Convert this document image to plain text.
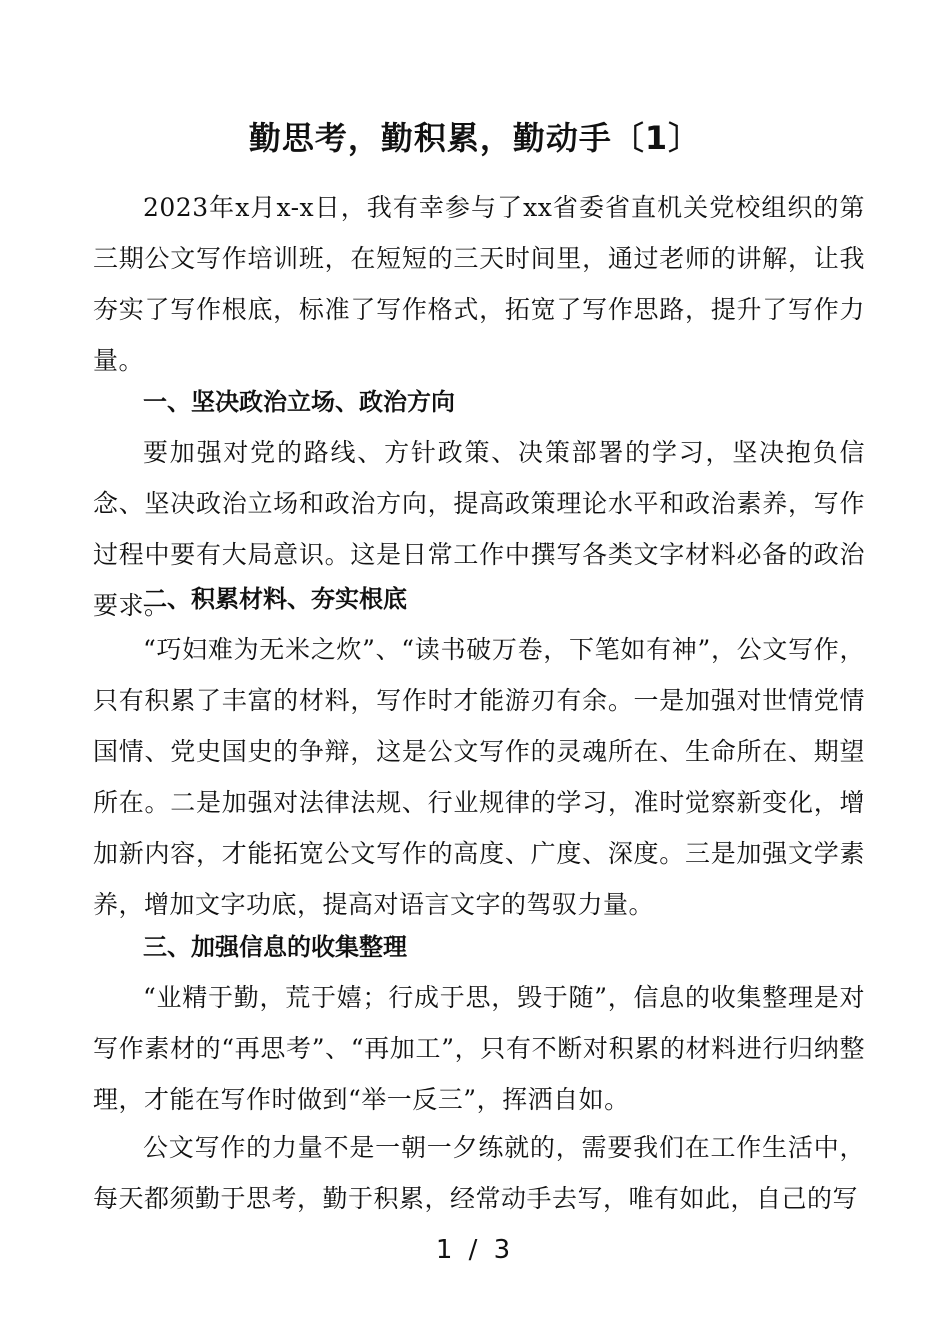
勤思考，勤积累，勤动手〔1〕

2023年x月x-x日，我有幸参与了xx省委省直机关党校组织的第三期公文写作培训班，在短短的三天时间里，通过老师的讲解，让我夯实了写作根底，标准了写作格式，拓宽了写作思路，提升了写作力量。

一、坚决政治立场、政治方向

要加强对党的路线、方针政策、决策部署的学习，坚决抱负信念、坚决政治立场和政治方向，提高政策理论水平和政治素养，写作过程中要有大局意识。这是日常工作中撰写各类文字材料必备的政治要求。

二、积累材料、夯实根底

“巧妇难为无米之炊”、“读书破万卷，下笔如有神”，公文写作，只有积累了丰富的材料，写作时才能游刃有余。一是加强对世情党情国情、党史国史的争辩，这是公文写作的灵魂所在、生命所在、期望所在。二是加强对法律法规、行业规律的学习，准时觉察新变化，增加新内容，才能拓宽公文写作的高度、广度、深度。三是加强文学素养，增加文字功底，提高对语言文字的驾驭力量。

三、加强信息的收集整理

“业精于勤，荒于嬉；行成于思，毁于随”，信息的收集整理是对写作素材的“再思考”、“再加工”，只有不断对积累的材料进行归纳整理，才能在写作时做到“举一反三”，挥洒自如。

公文写作的力量不是一朝一夕练就的，需要我们在工作生活中，每天都须勤于思考，勤于积累，经常动手去写，唯有如此，自己的写

1 / 3
